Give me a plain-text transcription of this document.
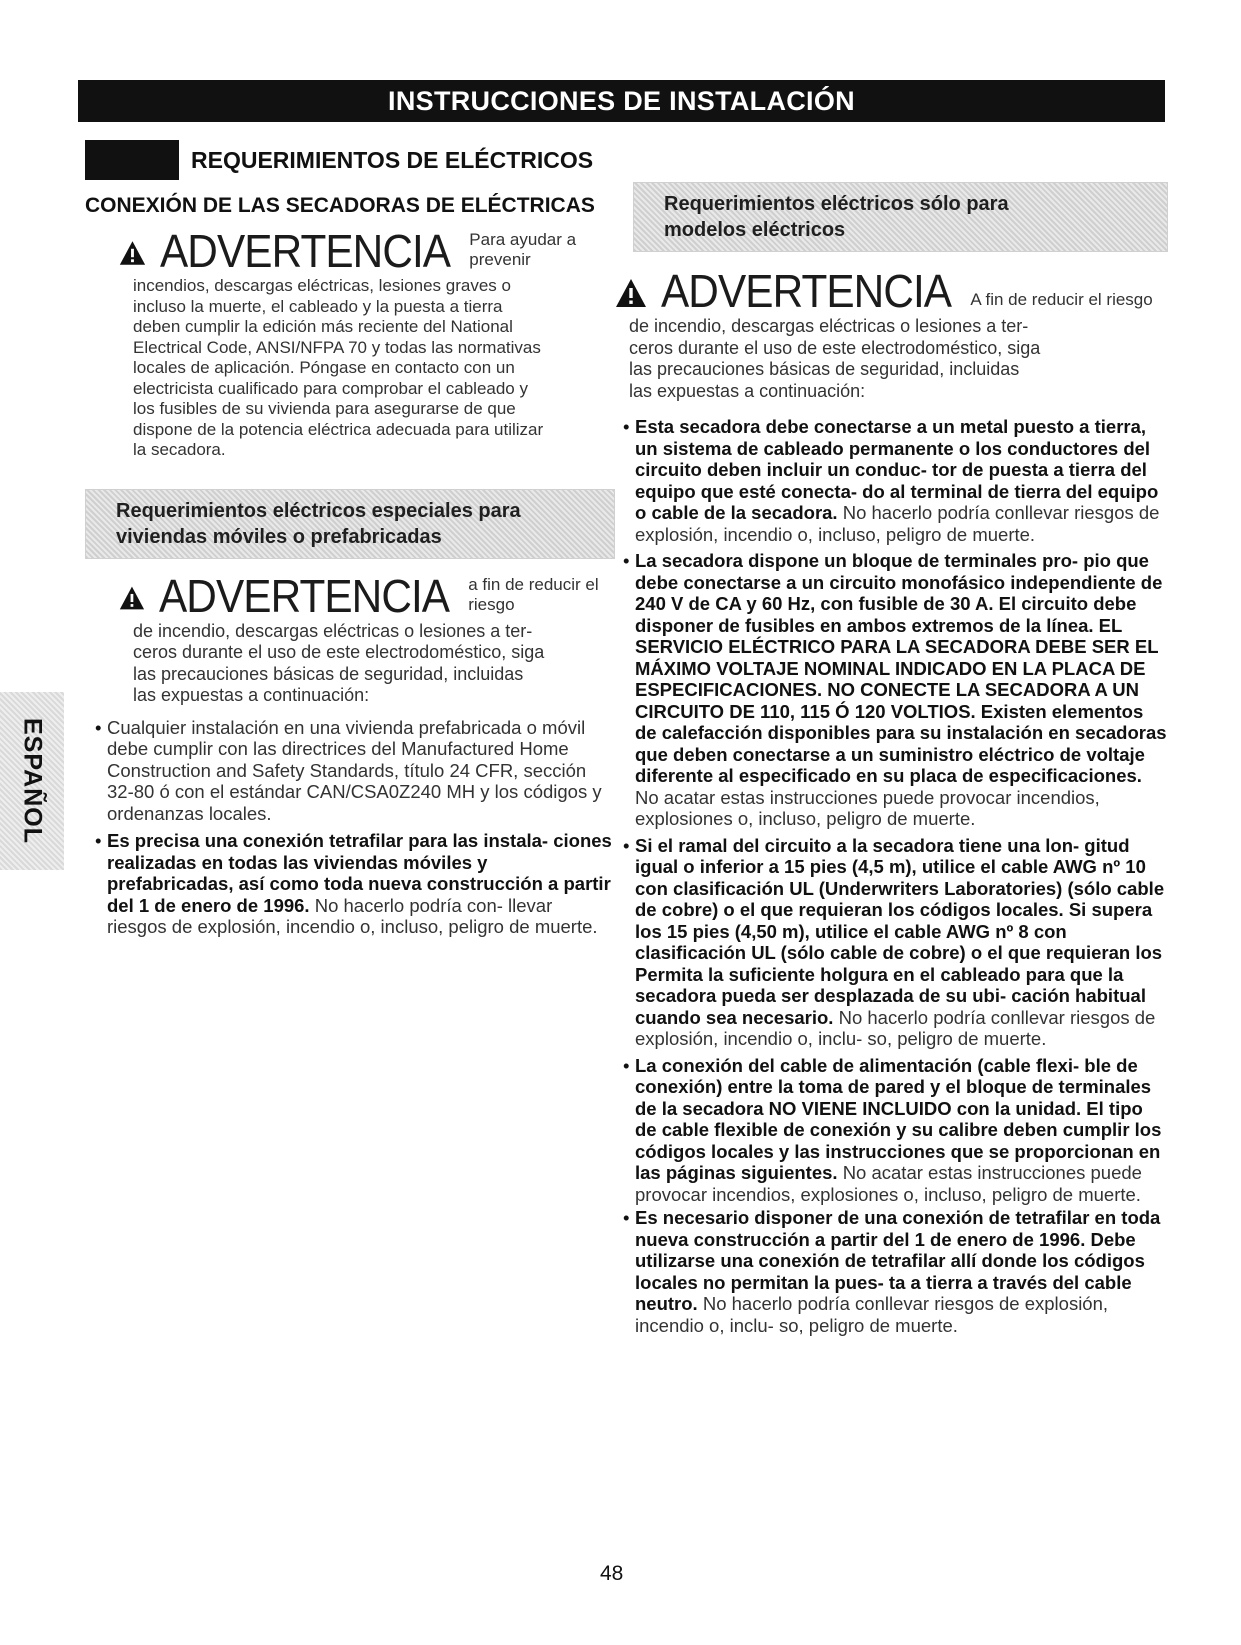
INSTRUCCIONES DE INSTALACIÓN
ESPAÑOL
REQUERIMIENTOS DE ELÉCTRICOS
CONEXIÓN DE LAS SECADORAS DE ELÉCTRICAS
ADVERTENCIA Para ayudar a prevenir
incendios, descargas eléctricas, lesiones graves o
incluso la muerte, el cableado y la puesta a tierra
deben cumplir la edición más reciente del National
Electrical Code, ANSI/NFPA 70 y todas las normativas
locales de aplicación. Póngase en contacto con un
electricista cualificado para comprobar el cableado y
los fusibles de su vivienda para asegurarse de que
dispone de la potencia eléctrica adecuada para utilizar
la secadora.
Requerimientos eléctricos especiales para
viviendas móviles o prefabricadas
ADVERTENCIA a fin de reducir el riesgo
de incendio, descargas eléctricas o lesiones a ter-
ceros durante el uso de este electrodoméstico, siga
las precauciones básicas de seguridad, incluidas
las expuestas a continuación:
• Cualquier instalación en una vivienda prefabricada o móvil debe cumplir con las directrices del Manufactured Home Construction and Safety Standards, título 24 CFR, sección 32-80 ó con el estándar CAN/CSA0Z240 MH y los códigos y ordenanzas locales.
• Es precisa una conexión tetrafilar para las instala- ciones realizadas en todas las viviendas móviles y prefabricadas, así como toda nueva construcción a partir del 1 de enero de 1996. No hacerlo podría con- llevar riesgos de explosión, incendio o, incluso, peligro de muerte.
Requerimientos eléctricos sólo para
modelos eléctricos
ADVERTENCIA A fin de reducir el riesgo
de incendio, descargas eléctricas o lesiones a ter-
ceros durante el uso de este electrodoméstico, siga
las precauciones básicas de seguridad, incluidas
las expuestas a continuación:
• Esta secadora debe conectarse a un metal puesto a tierra, un sistema de cableado permanente o los conductores del circuito deben incluir un conduc- tor de puesta a tierra del equipo que esté conecta- do al terminal de tierra del equipo o cable de la secadora. No hacerlo podría conllevar riesgos de explosión, incendio o, incluso, peligro de muerte.
• La secadora dispone un bloque de terminales pro- pio que debe conectarse a un circuito monofásico independiente de 240 V de CA y 60 Hz, con fusible de 30 A. El circuito debe disponer de fusibles en ambos extremos de la línea. EL SERVICIO ELÉCTRICO PARA LA SECADORA DEBE SER EL MÁXIMO VOLTAJE NOMINAL INDICADO EN LA PLACA DE ESPECIFICACIONES. NO CONECTE LA SECADORA A UN CIRCUITO DE 110, 115 Ó 120 VOLTIOS. Existen elementos de calefacción disponibles para su instalación en secadoras que deben conectarse a un suministro eléctrico de voltaje diferente al especificado en su placa de especificaciones. No acatar estas instrucciones puede provocar incendios, explosiones o, incluso, peligro de muerte.
• Si el ramal del circuito a la secadora tiene una lon- gitud igual o inferior a 15 pies (4,5 m), utilice el cable AWG nº 10 con clasificación UL (Underwriters Laboratories) (sólo cable de cobre) o el que requieran los códigos locales. Si supera los 15 pies (4,50 m), utilice el cable AWG nº 8 con clasificación UL (sólo cable de cobre) o el que requieran los Permita la suficiente holgura en el cableado para que la secadora pueda ser desplazada de su ubi- cación habitual cuando sea necesario. No hacerlo podría conllevar riesgos de explosión, incendio o, inclu- so, peligro de muerte.
• La conexión del cable de alimentación (cable flexi- ble de conexión) entre la toma de pared y el bloque de terminales de la secadora NO VIENE INCLUIDO con la unidad. El tipo de cable flexible de conexión y su calibre deben cumplir los códigos locales y las instrucciones que se proporcionan en las páginas siguientes. No acatar estas instrucciones puede provocar incendios, explosiones o, incluso, peligro de muerte.
• Es necesario disponer de una conexión de tetrafilar en toda nueva construcción a partir del 1 de enero de 1996. Debe utilizarse una conexión de tetrafilar allí donde los códigos locales no permitan la pues- ta a tierra a través del cable neutro. No hacerlo podría conllevar riesgos de explosión, incendio o, inclu- so, peligro de muerte.
48
